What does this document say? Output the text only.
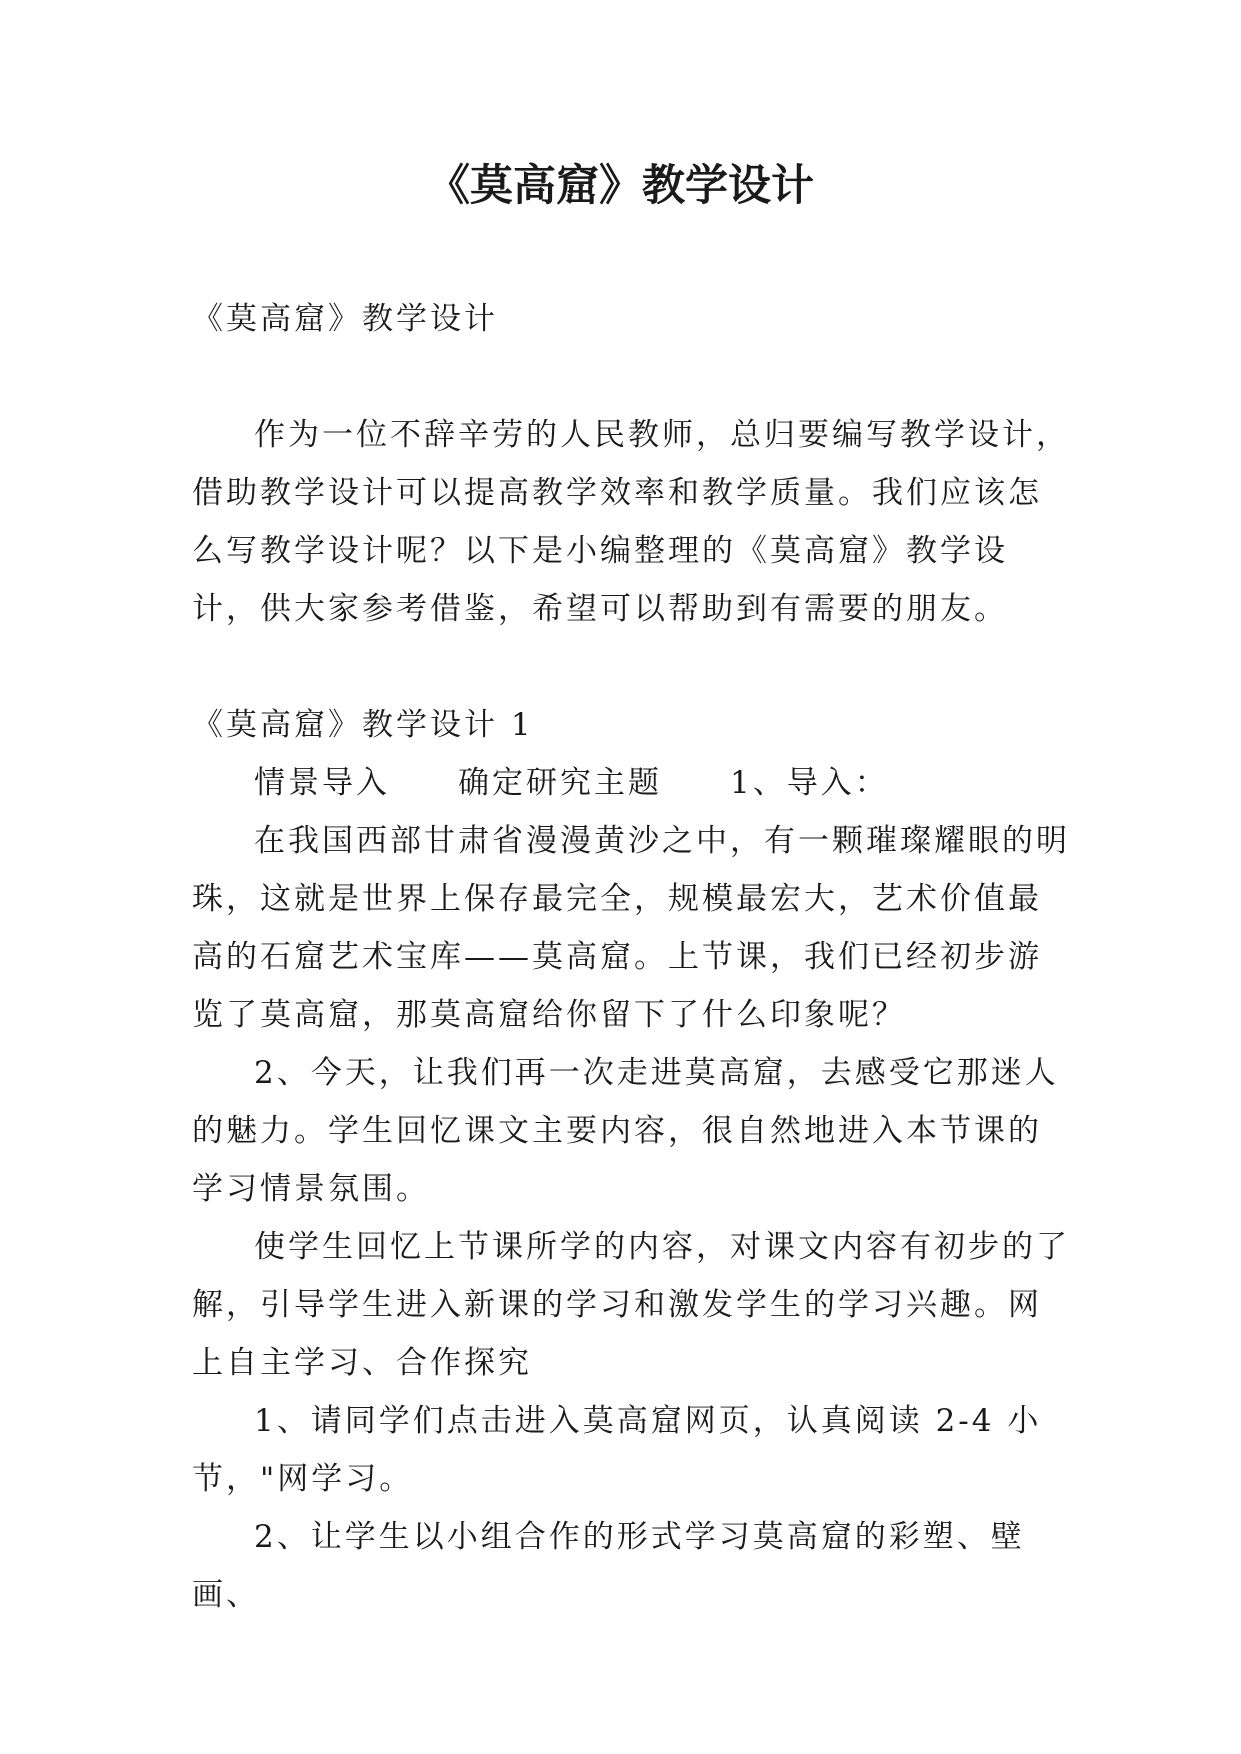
《莫高窟》教学设计

《莫高窟》教学设计

作为一位不辞辛劳的人民教师，总归要编写教学设计，借助教学设计可以提高教学效率和教学质量。我们应该怎么写教学设计呢？以下是小编整理的《莫高窟》教学设计，供大家参考借鉴，希望可以帮助到有需要的朋友。

《莫高窟》教学设计 1

情景导入　　确定研究主题　　1、导入：

在我国西部甘肃省漫漫黄沙之中，有一颗璀璨耀眼的明珠，这就是世界上保存最完全，规模最宏大，艺术价值最高的石窟艺术宝库——莫高窟。上节课，我们已经初步游览了莫高窟，那莫高窟给你留下了什么印象呢？

2、今天，让我们再一次走进莫高窟，去感受它那迷人的魅力。学生回忆课文主要内容，很自然地进入本节课的学习情景氛围。

使学生回忆上节课所学的内容，对课文内容有初步的了解，引导学生进入新课的学习和激发学生的学习兴趣。网上自主学习、合作探究

1、请同学们点击进入莫高窟网页，认真阅读 2-4 小节，"网学习。

2、让学生以小组合作的形式学习莫高窟的彩塑、壁画、
